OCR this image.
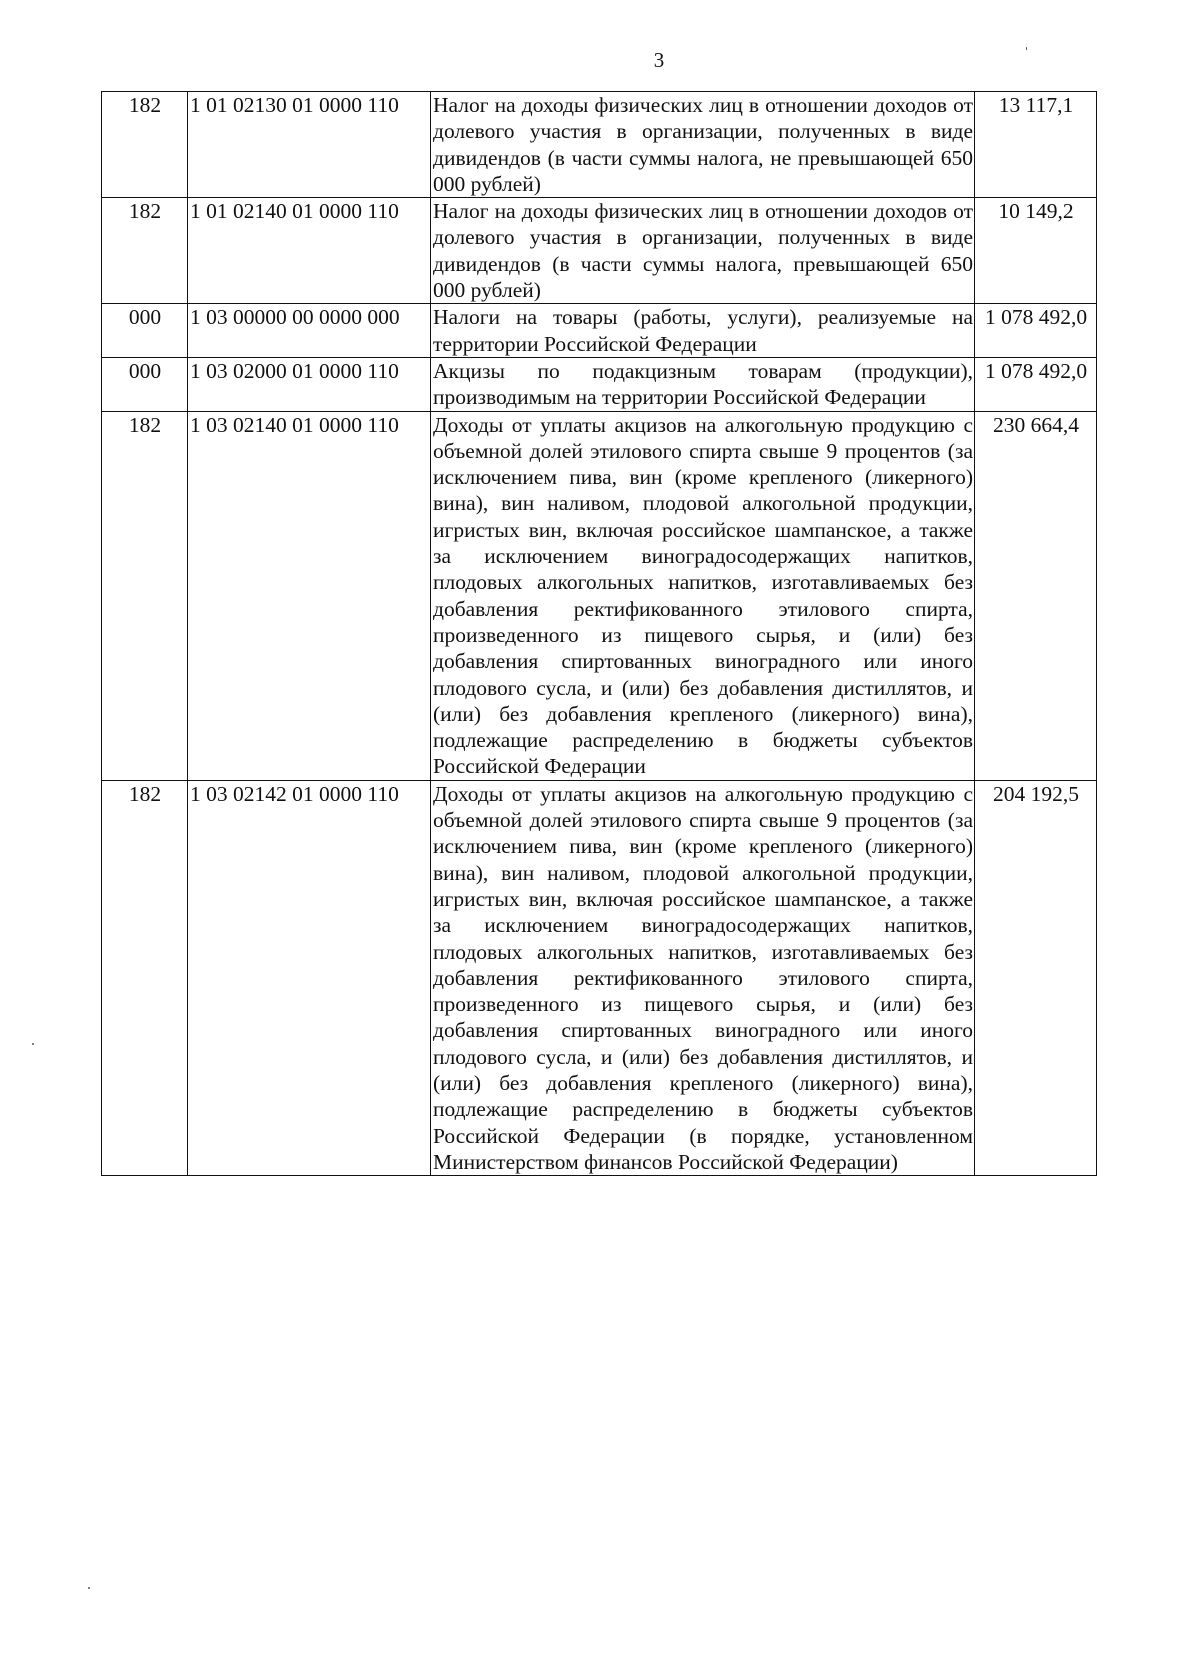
3
182	1 01 02130 01 0000 110	Налог на доходы физических лиц в отношении доходов от долевого участия в организации, полученных в виде дивидендов (в части суммы налога, не превышающей 650 000 рублей)	13 117,1
182	1 01 02140 01 0000 110	Налог на доходы физических лиц в отношении доходов от долевого участия в организации, полученных в виде дивидендов (в части суммы налога, превышающей 650 000 рублей)	10 149,2
000	1 03 00000 00 0000 000	Налоги на товары (работы, услуги), реализуемые на территории Российской Федерации	1 078 492,0
000	1 03 02000 01 0000 110	Акцизы по подакцизным товарам (продукции), производимым на территории Российской Федерации	1 078 492,0
182	1 03 02140 01 0000 110	Доходы от уплаты акцизов на алкогольную продукцию с объемной долей этилового спирта свыше 9 процентов (за исключением пива, вин (кроме крепленого (ликерного) вина), вин наливом, плодовой алкогольной продукции, игристых вин, включая российское шампанское, а также за исключением виноградосодержащих напитков, плодовых алкогольных напитков, изготавливаемых без добавления ректификованного этилового спирта, произведенного из пищевого сырья, и (или) без добавления спиртованных виноградного или иного плодового сусла, и (или) без добавления дистиллятов, и (или) без добавления крепленого (ликерного) вина), подлежащие распределению в бюджеты субъектов Российской Федерации	230 664,4
182	1 03 02142 01 0000 110	Доходы от уплаты акцизов на алкогольную продукцию с объемной долей этилового спирта свыше 9 процентов (за исключением пива, вин (кроме крепленого (ликерного) вина), вин наливом, плодовой алкогольной продукции, игристых вин, включая российское шампанское, а также за исключением виноградосодержащих напитков, плодовых алкогольных напитков, изготавливаемых без добавления ректификованного этилового спирта, произведенного из пищевого сырья, и (или) без добавления спиртованных виноградного или иного плодового сусла, и (или) без добавления дистиллятов, и (или) без добавления крепленого (ликерного) вина), подлежащие распределению в бюджеты субъектов Российской Федерации (в порядке, установленном Министерством финансов Российской Федерации)	204 192,5
